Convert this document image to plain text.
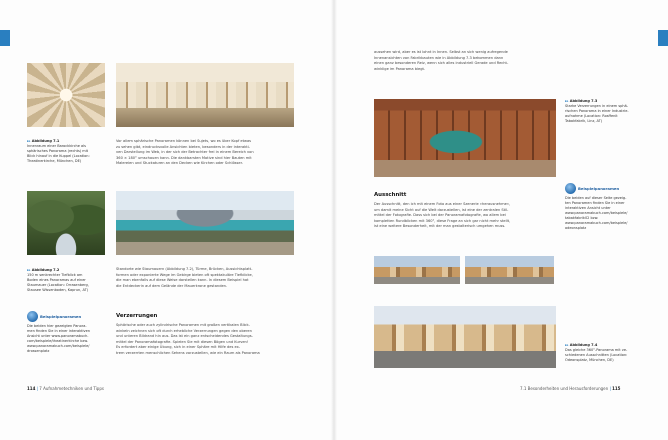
▸▸ Abbildung 7.1
Innenraum einer Barockkirche als
sphärisches Panorama (rechts) mit
Blick hinauf in die Kuppel (Location:
Theatinerkirche, München, DE)
Vor allem sphärische Panoramen können bei Sujets, wo es über Kopf etwas
zu sehen gibt, eindrucksvolle Ansichten bieten, besonders in der interakti-
ven Darstellung im Web, in der sich der Betrachter frei in einem Bereich von
360 × 180° umschauen kann. Die dankbarsten Motive sind hier Bauten mit
Malereien und Stuckaturen an den Decken wie Kirchen oder Schlösser.
▸▸ Abbildung 7.2
150 m senkrechter Tiefblick am
Boden eines Panoramas auf einer
Staumauer (Location: Orrasenberg,
Stausee Wissenboden, Kaprun, AT)
Standorte wie Staumauern (Abbildung 7.2), Türme, Brücken, Aussichtsplatt-
formen oder exponierte Wege im Gebirge bieten oft spektakuläre Tiefblicke,
die man ebenfalls auf diese Weise darstellen kann. In diesem Beispiel hat
die Entdeckerin auf dem Gelände der Mauerkrone gestanden.
Beispielpanoramen
Die beiden hier gezeigten Panora-
men finden Sie in einer interaktiven
Ansicht unter www.panoramabuch.
com/beispiele/theatinerkirche bzw.
www.panoramabuch.com/beispiele/
drossenplatz
Verzerrungen
Sphärische oder auch zylindrische Panoramen mit großen vertikalen Blick-
winkeln zeichnen sich oft durch erhebliche Verzerrungen gegen den oberen
und unteren Bildrand hin aus. Das ist ein ganz entscheidendes Gestaltungs-
mittel der Panoramafotografie. Spielen Sie mit diesen Bögen und Kurven!
Es erfordert aber einige Übung, sich in einer Sphäre mit Hilfe des ex-
trem verzerrten menschlichen Sehens vorzustellen, wie ein Raum als Panorama
114 | 7 Aufnahmetechniken und Tipps
aussehen wird, aber es ist lohnt in Innen. Selbst an sich wenig aufregende
Innenansichten von Fabrikbauten wie in Abbildung 7.3 bekommen dann
einen ganz besonderen Reiz, wenn sich alles industriell Gerade und Recht-
winklige im Panorama biegt.
▸▸ Abbildung 7.3
Starke Verzerrungen in einem sphä-
rischen Panorama in einer Industrie-
aufnahme (Location: Rosffenit
Tabakfabrik, Linz, AT)
Ausschnitt
Der Ausschnitt, den ich mit einem Foto aus einer Szenerie »herausnehme«,
um damit meine Sicht auf die Welt darzustellen, ist eine der zentralen Stil-
mittel der Fotografie. Dass sich bei der Panoramafotografie, wo allem bei
kompletten Rundblicken mit 360°, diese Frage an sich gar nicht mehr stellt,
ist eine weitere Besonderheit, mit der man gestalterisch umgehen muss.
Beispielpanoramen
Die beiden auf dieser Seite gezeig-
ten Panoramen finden Sie in einer
interaktiven Ansicht unter
www.panoramabuch.com/beispiele/
tabakfabrik02 bzw.
www.panoramabuch.com/beispiele/
odeonsplatz
▸▸ Abbildung 7.4
Das gleiche 360°-Panorama mit ve-
schiedenen Ausschnitten (Location:
Odeonsplatz, München, DE)
7.1 Besonderheiten und Herausforderungen | 115
